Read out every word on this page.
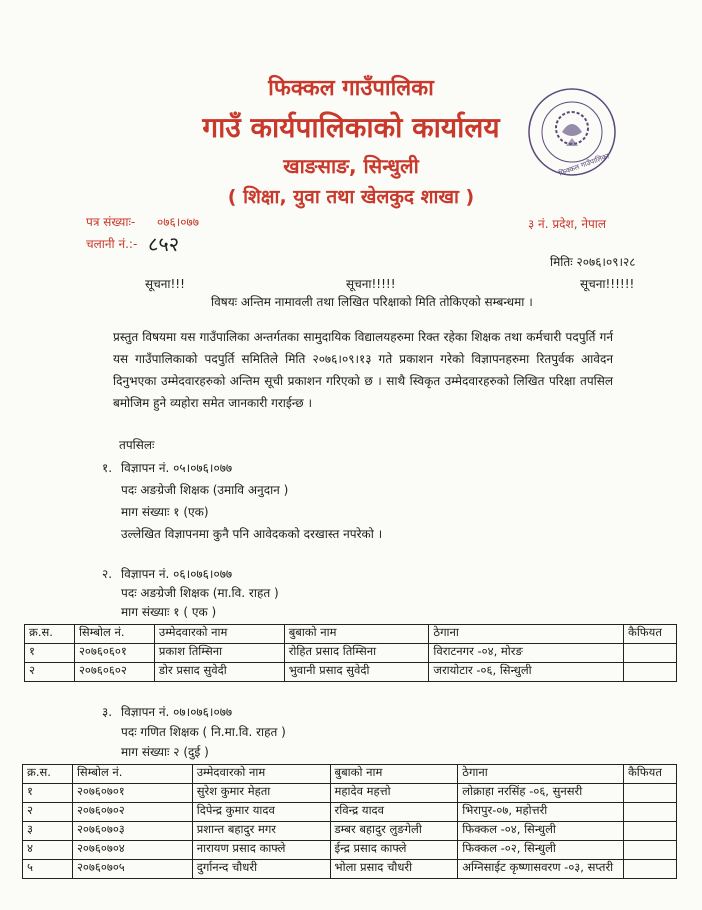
फिक्कल गाउँपालिका
गाउँ कार्यपालिकाको कार्यालय
खाङसाङ, सिन्धुली
( शिक्षा, युवा तथा खेलकुद शाखा )
फिक्कल गाउँपालिका
पत्र संख्याः- ०७६।०७७
चलानी नं.:- ८५२
३ नं. प्रदेश, नेपाल
मितिः २०७६।०९।२८
सूचना!!!	सूचना!!!!!	सूचना!!!!!!
विषयः अन्तिम नामावली तथा लिखित परिक्षाको मिति तोकिएको सम्बन्धमा ।
प्रस्तुत विषयमा यस गाउँपालिका अन्तर्गतका सामुदायिक विद्यालयहरुमा रिक्त रहेका शिक्षक तथा कर्मचारी पदपुर्ति गर्न यस गाउँपालिकाको पदपुर्ति समितिले मिति २०७६।०९।१३ गते प्रकाशन गरेको विज्ञापनहरुमा रितपुर्वक आवेदन दिनुभएका उम्मेदवारहरुको अन्तिम सूची प्रकाशन गरिएको छ । साथै स्विकृत उम्मेदवारहरुको लिखित परिक्षा तपसिल बमोजिम हुने व्यहोरा समेत जानकारी गराईन्छ ।
तपसिलः
१. विज्ञापन नं. ०५।०७६।०७७
पदः अङग्रेजी शिक्षक (उमावि अनुदान )
माग संख्याः १ (एक)
उल्लेखित विज्ञापनमा कुनै पनि आवेदकको दरखास्त नपरेको ।
२. विज्ञापन नं. ०६।०७६।०७७
पदः अङग्रेजी शिक्षक (मा.वि. राहत )
माग संख्याः १ ( एक )
क्र.स.	सिम्बोल नं.	उम्मेदवारको नाम	बुबाको नाम	ठेगाना	कैफियत
१	२०७६०६०१	प्रकाश तिम्सिना	रोहित प्रसाद तिम्सिना	विराटनगर -०४, मोरङ	
२	२०७६०६०२	डोर प्रसाद सुवेदी	भुवानी प्रसाद सुवेदी	जरायोटार -०६, सिन्धुली	
३. विज्ञापन नं. ०७।०७६।०७७
पदः गणित शिक्षक ( नि.मा.वि. राहत )
माग संख्याः २ (दुई )
क्र.स.	सिम्बोल नं.	उम्मेदवारको नाम	बुबाको नाम	ठेगाना	कैफियत
१	२०७६०७०१	सुरेश कुमार मेहता	महादेव महत्तो	लोक्राहा नरसिंह -०६, सुनसरी	
२	२०७६०७०२	दिपेन्द्र कुमार यादव	रविन्द्र यादव	भिरापुर-०७, महोत्तरी	
३	२०७६०७०३	प्रशान्त बहादुर मगर	डम्बर बहादुर लुङगेली	फिक्कल -०४, सिन्धुली	
४	२०७६०७०४	नारायण प्रसाद काफ्ले	ईन्द्र प्रसाद काफ्ले	फिक्कल -०२, सिन्धुली	
५	२०७६०७०५	दुर्गानन्द चौधरी	भोला प्रसाद चौधरी	अग्निसाईट कृष्णासवरण -०३, सप्तरी	
